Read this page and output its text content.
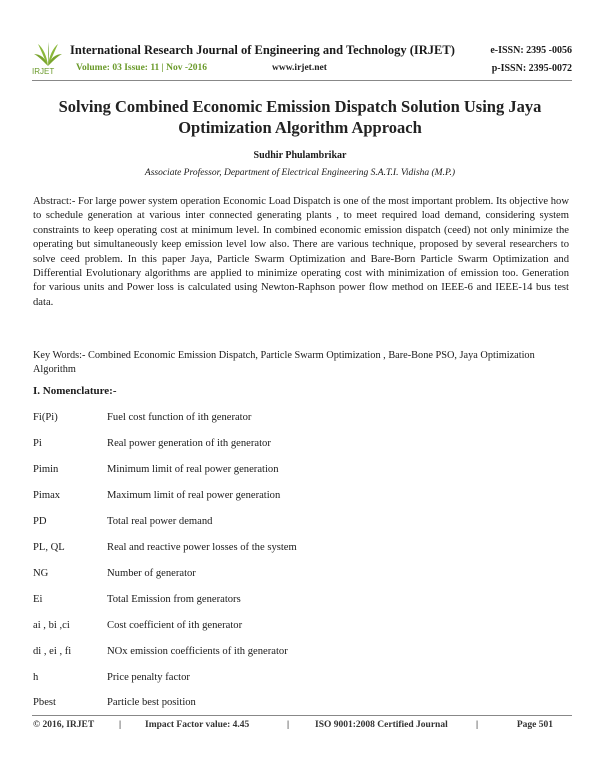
IRJET
International Research Journal of Engineering and Technology (IRJET)
Volume: 03 Issue: 11 | Nov -2016	www.irjet.net
e-ISSN: 2395 -0056
p-ISSN: 2395-0072
Solving Combined Economic Emission Dispatch Solution Using Jaya Optimization Algorithm Approach
Sudhir Phulambrikar
Associate Professor, Department of Electrical Engineering S.A.T.I. Vidisha (M.P.)
Abstract:- For large power system operation Economic Load Dispatch is one of the most important problem. Its objective how to schedule generation at various inter connected generating plants , to meet required load demand, considering system constraints to keep operating cost at minimum level. In combined economic emission dispatch (ceed) not only minimize the operating but simultaneously keep emission level low also. There are various technique, proposed by several researchers to solve ceed problem. In this paper Jaya, Particle Swarm Optimization and Bare-Born Particle Swarm Optimization and Differential Evolutionary algorithms are applied to minimize operating cost with minimization of emission too. Generation for various units and Power loss is calculated using Newton-Raphson power flow method on IEEE-6 and IEEE-14 bus test data.
Key Words:- Combined Economic Emission Dispatch, Particle Swarm Optimization , Bare-Bone PSO, Jaya Optimization Algorithm
I. Nomenclature:-
Fi(Pi)	Fuel cost function of ith generator
Pi	Real power generation of ith generator
Pimin	Minimum limit of real power generation
Pimax	Maximum limit of real power generation
PD	Total real power demand
PL, QL	Real and reactive power losses of the system
NG	Number of generator
Ei	Total Emission from generators
ai , bi ,ci	Cost coefficient of ith generator
di , ei , fi	NOx emission coefficients of ith generator
h	Price penalty factor
Pbest	Particle best position
© 2016, IRJET	|	Impact Factor value: 4.45	|	ISO 9001:2008 Certified Journal	|	Page 501
